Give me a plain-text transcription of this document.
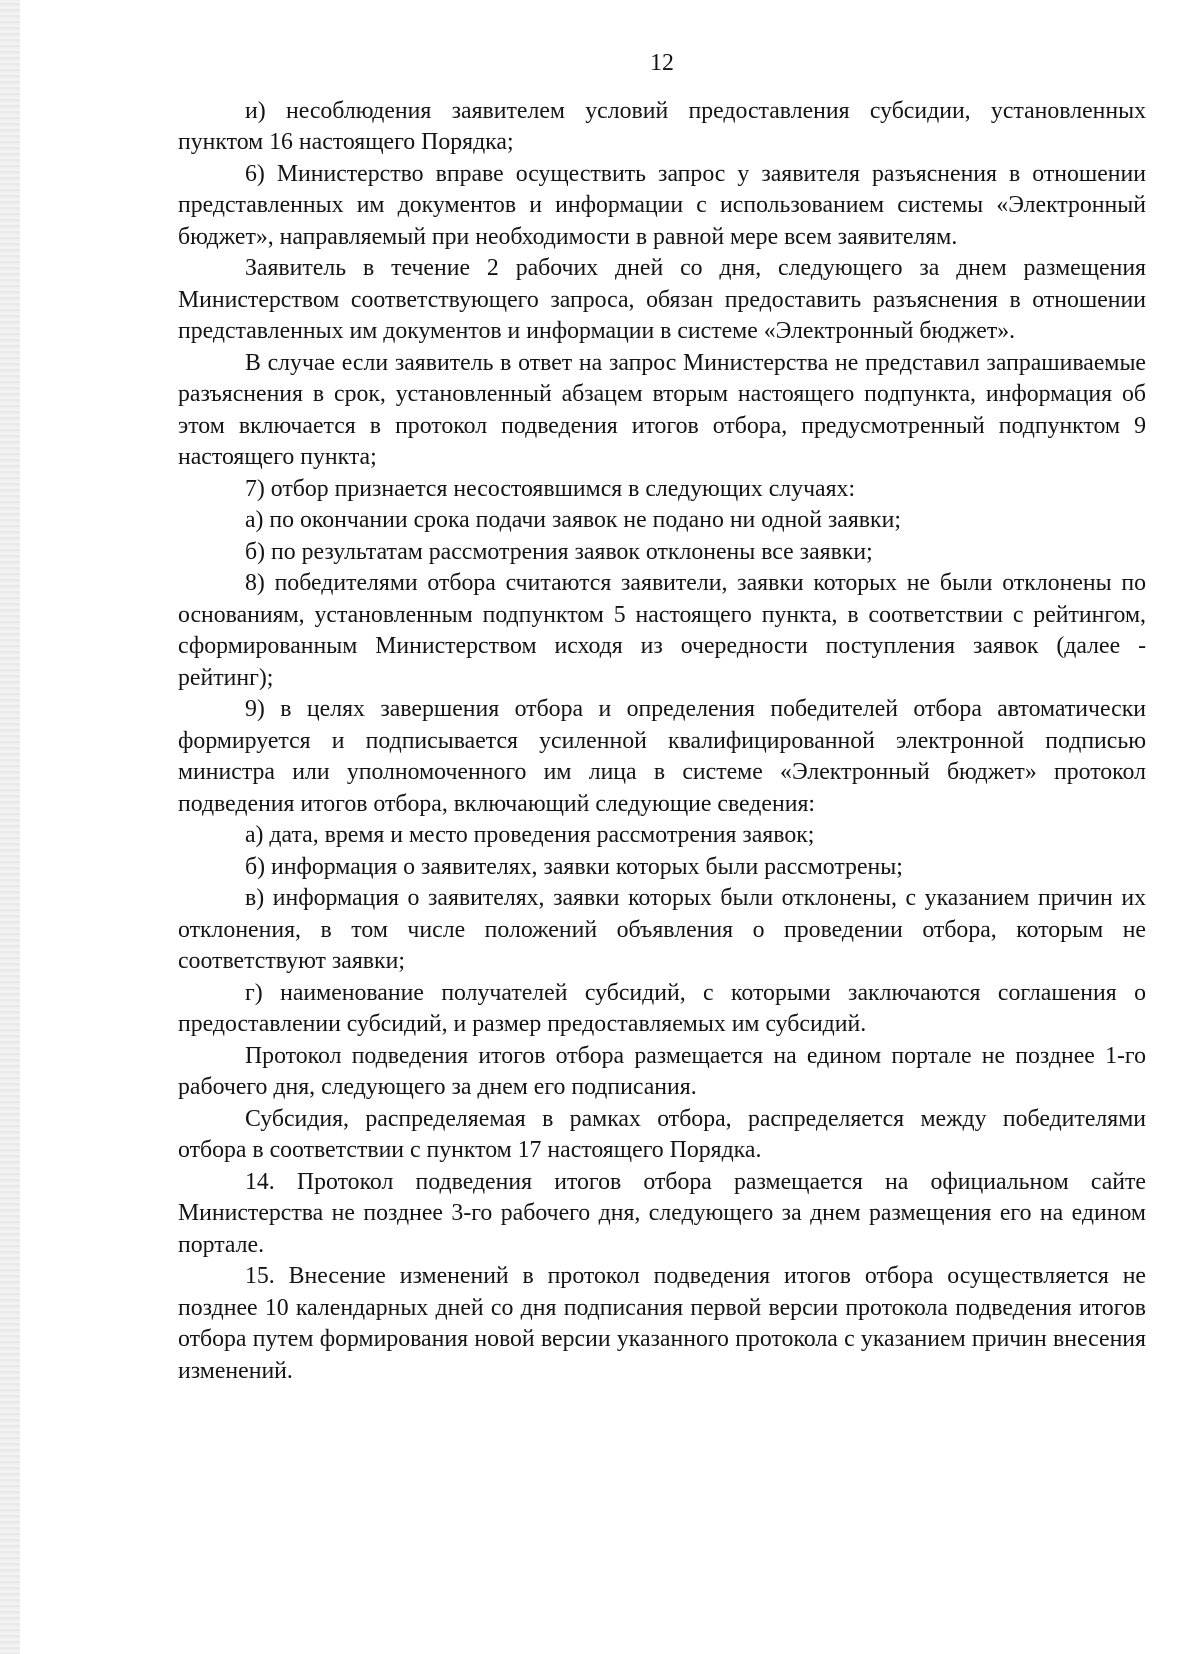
12

и) несоблюдения заявителем условий предоставления субсидии, установленных пунктом 16 настоящего Порядка;

6) Министерство вправе осуществить запрос у заявителя разъяснения в отношении представленных им документов и информации с использованием системы «Электронный бюджет», направляемый при необходимости в равной мере всем заявителям.

Заявитель в течение 2 рабочих дней со дня, следующего за днем размещения Министерством соответствующего запроса, обязан предоставить разъяснения в отношении представленных им документов и информации в системе «Электронный бюджет».

В случае если заявитель в ответ на запрос Министерства не представил запрашиваемые разъяснения в срок, установленный абзацем вторым настоящего подпункта, информация об этом включается в протокол подведения итогов отбора, предусмотренный подпунктом 9 настоящего пункта;

7) отбор признается несостоявшимся в следующих случаях:

а) по окончании срока подачи заявок не подано ни одной заявки;

б) по результатам рассмотрения заявок отклонены все заявки;

8) победителями отбора считаются заявители, заявки которых не были отклонены по основаниям, установленным подпунктом 5 настоящего пункта, в соответствии с рейтингом, сформированным Министерством исходя из очередности поступления заявок (далее - рейтинг);

9) в целях завершения отбора и определения победителей отбора автоматически формируется и подписывается усиленной квалифицированной электронной подписью министра или уполномоченного им лица в системе «Электронный бюджет» протокол подведения итогов отбора, включающий следующие сведения:

а) дата, время и место проведения рассмотрения заявок;

б) информация о заявителях, заявки которых были рассмотрены;

в) информация о заявителях, заявки которых были отклонены, с указанием причин их отклонения, в том числе положений объявления о проведении отбора, которым не соответствуют заявки;

г) наименование получателей субсидий, с которыми заключаются соглашения о предоставлении субсидий, и размер предоставляемых им субсидий.

Протокол подведения итогов отбора размещается на едином портале не позднее 1-го рабочего дня, следующего за днем его подписания.

Субсидия, распределяемая в рамках отбора, распределяется между победителями отбора в соответствии с пунктом 17 настоящего Порядка.

14. Протокол подведения итогов отбора размещается на официальном сайте Министерства не позднее 3-го рабочего дня, следующего за днем размещения его на едином портале.

15. Внесение изменений в протокол подведения итогов отбора осуществляется не позднее 10 календарных дней со дня подписания первой версии протокола подведения итогов отбора путем формирования новой версии указанного протокола с указанием причин внесения изменений.
